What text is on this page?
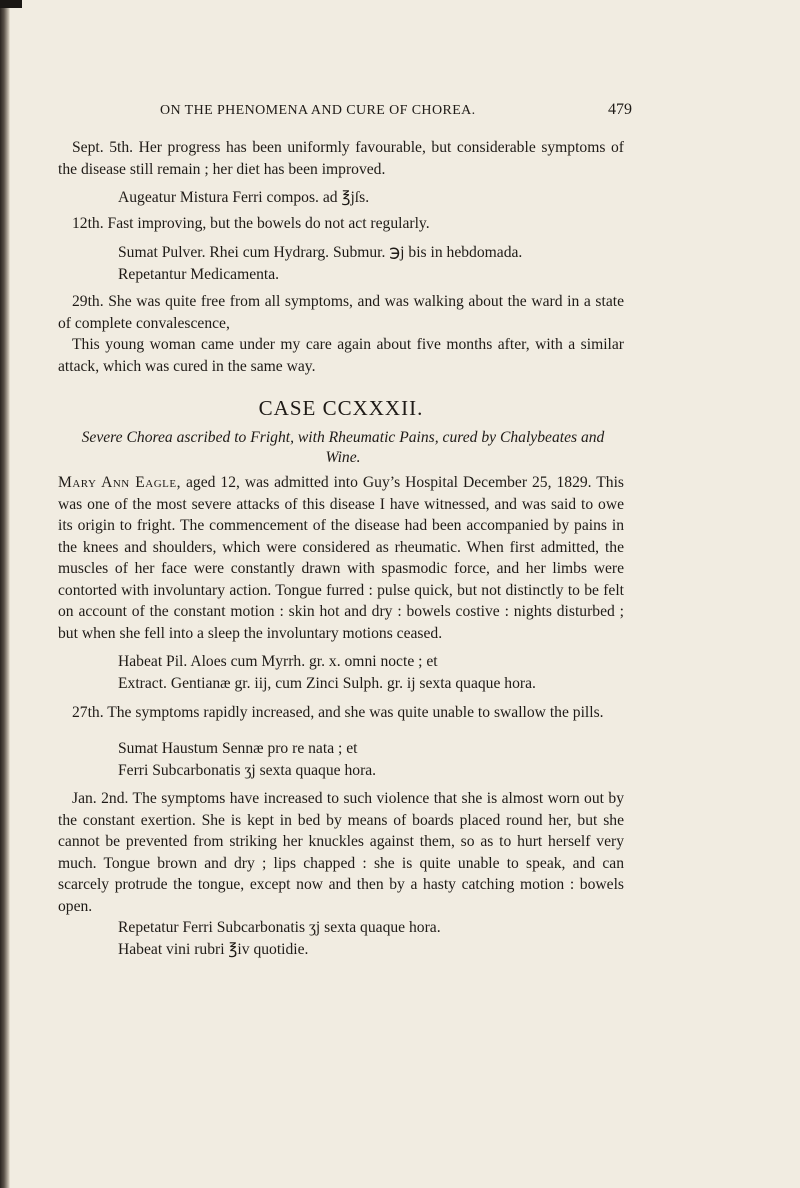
ON THE PHENOMENA AND CURE OF CHOREA.	479

Sept. 5th. Her progress has been uniformly favourable, but considerable symptoms of the disease still remain ; her diet has been improved.

Augeatur Mistura Ferri compos. ad ℥jſs.

12th. Fast improving, but the bowels do not act regularly.

Sumat Pulver. Rhei cum Hydrarg. Submur. ℈j bis in hebdomada.

Repetantur Medicamenta.

29th. She was quite free from all symptoms, and was walking about the ward in a state of complete convalescence,

This young woman came under my care again about five months after, with a similar attack, which was cured in the same way.

CASE CCXXXII.

Severe Chorea ascribed to Fright, with Rheumatic Pains, cured by Chalybeates and Wine.

Mary Ann Eagle, aged 12, was admitted into Guy’s Hospital December 25, 1829. This was one of the most severe attacks of this disease I have witnessed, and was said to owe its origin to fright. The commencement of the disease had been accompanied by pains in the knees and shoulders, which were considered as rheumatic. When first admitted, the muscles of her face were constantly drawn with spasmodic force, and her limbs were contorted with involuntary action. Tongue furred : pulse quick, but not distinctly to be felt on account of the constant motion : skin hot and dry : bowels costive : nights disturbed ; but when she fell into a sleep the involuntary motions ceased.

Habeat Pil. Aloes cum Myrrh. gr. x. omni nocte ; et

Extract. Gentianæ gr. iij, cum Zinci Sulph. gr. ij sexta quaque hora.

27th. The symptoms rapidly increased, and she was quite unable to swallow the pills.

Sumat Haustum Sennæ pro re nata ; et

Ferri Subcarbonatis ʒj sexta quaque hora.

Jan. 2nd. The symptoms have increased to such violence that she is almost worn out by the constant exertion. She is kept in bed by means of boards placed round her, but she cannot be prevented from striking her knuckles against them, so as to hurt herself very much. Tongue brown and dry ; lips chapped : she is quite unable to speak, and can scarcely protrude the tongue, except now and then by a hasty catching motion : bowels open.

Repetatur Ferri Subcarbonatis ʒj sexta quaque hora.

Habeat vini rubri ℥iv quotidie.
